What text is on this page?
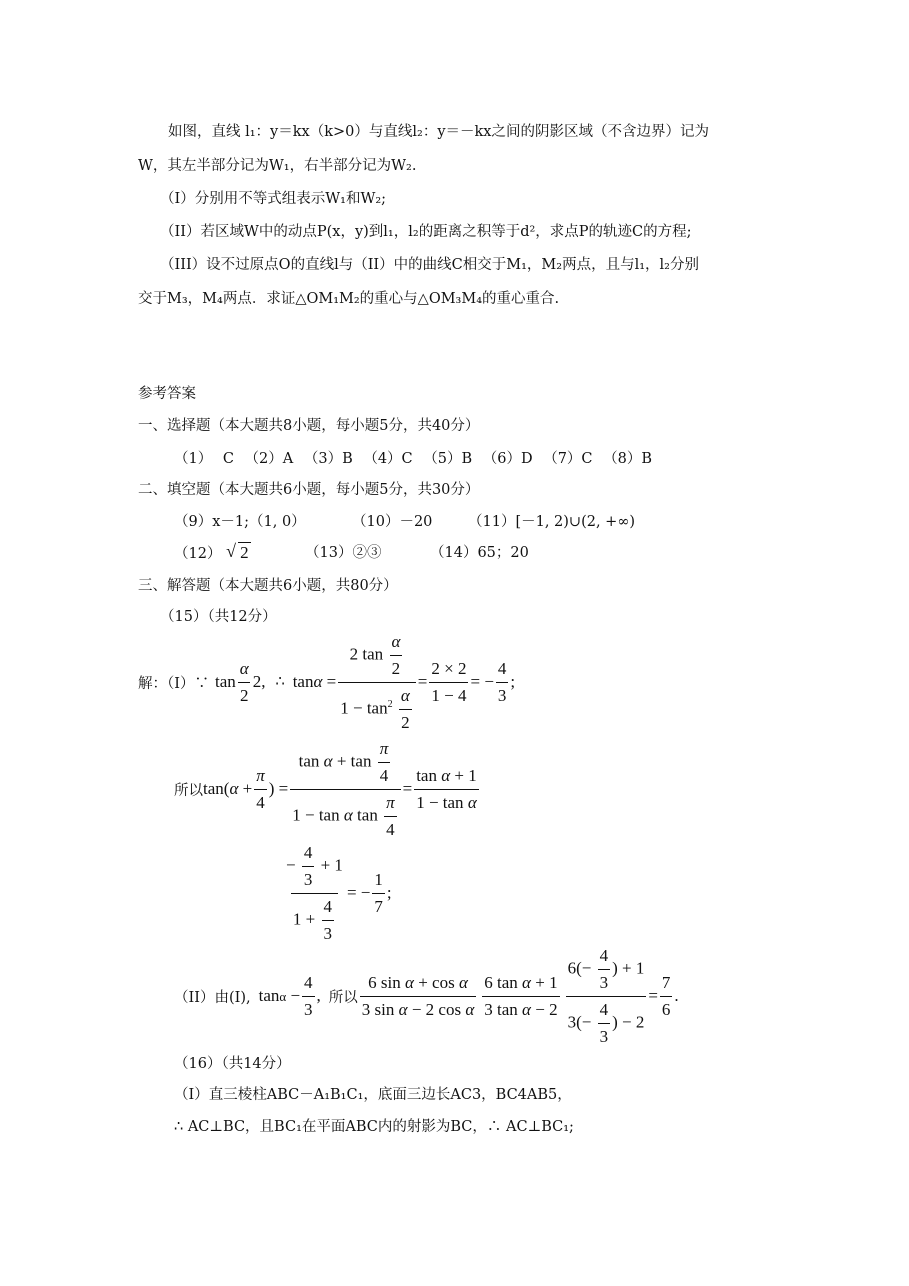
如图，直线 l₁：y＝kx（k>0）与直线l₂：y＝－kx之间的阴影区域（不含边界）记为
W，其左半部分记为W₁，右半部分记为W₂.
（I）分别用不等式组表示W₁和W₂;
（II）若区域W中的动点P(x，y)到l₁，l₂的距离之积等于d²，求点P的轨迹C的方程;
（III）设不过原点O的直线l与（II）中的曲线C相交于M₁，M₂两点，且与l₁，l₂分别
交于M₃，M₄两点．求证△OM₁M₂的重心与△OM₃M₄的重心重合.
参考答案
一、选择题（本大题共8小题，每小题5分，共40分）
（1） C （2）A （3）B （4）C （5）B （6）D （7）C （8）B
二、填空题（本大题共6小题，每小题5分，共30分）
（9）x－1;（1, 0）	（10）－20 （11）[－1, 2)∪(2, +∞)
（12） √ 2	（13）②③	（14）65；20
三、解答题（本大题共6小题，共80分）
（15）（共12分）
解：（I）∵ $\tan \frac{\alpha}{2} 2$, ∴ $\tan\alpha = \frac{2 \tan \frac{\alpha}{2}}{1 - \tan^2 \frac{\alpha}{2}} = \frac{2 \times 2}{1 - 4}$ = − $\frac{4}{3}$ ;
所以 $\tan(\alpha + \frac{\pi}{4}$ ) = $\frac{\tan \alpha + \tan \frac{\pi}{4}}{1 - \tan \alpha \tan \frac{\pi}{4}} = \frac{\text{tan α + 1}}{\text{1 − tan α}}$
$\frac{- \frac{4}{3} + 1}{1 + \frac{4}{3}}$ = − $\frac{1}{7}$ ;
（II）由(I), $\tan\alpha - \frac{4}{3}$ , 所以 $\frac{\text{6 sin α + cos α}}{\text{3 sin α − 2 cos α}} \frac{\text{6 tan α + 1}}{\text{3 tan α − 2}} \frac{6(- \frac{4}{3} ) + 1}{3(- \frac{4}{3} ) - 2} = \frac{7}{6}$ .
（16）（共14分）
（I）直三棱柱ABC－A₁B₁C₁，底面三边长AC3，BC4AB5，
∴ AC⊥BC，且BC₁在平面ABC内的射影为BC，∴ AC⊥BC₁;
